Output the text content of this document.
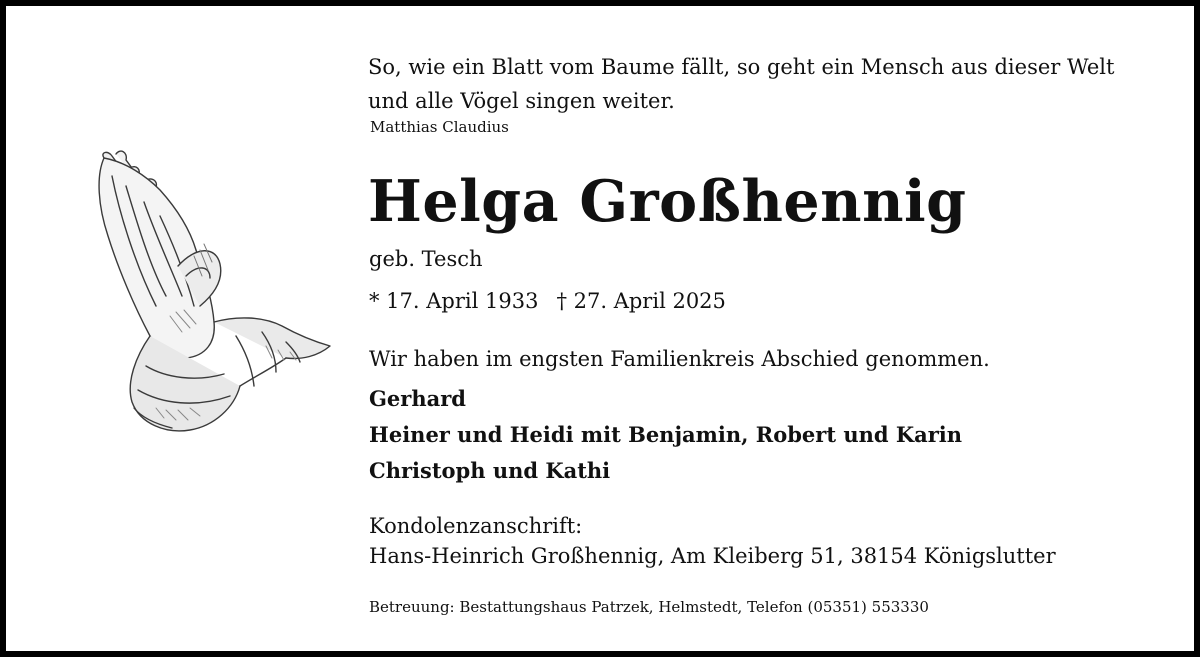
So, wie ein Blatt vom Baume fällt, so geht ein Mensch aus dieser Welt
und alle Vögel singen weiter.
Matthias Claudius
Helga Großhennig
geb. Tesch
* 17. April 1933 † 27. April 2025
Wir haben im engsten Familienkreis Abschied genommen.
Gerhard
Heiner und Heidi mit Benjamin, Robert und Karin
Christoph und Kathi
Kondolenzanschrift:
Hans-Heinrich Großhennig, Am Kleiberg 51, 38154 Königslutter
Betreuung: Bestattungshaus Patrzek, Helmstedt, Telefon (05351) 553330
